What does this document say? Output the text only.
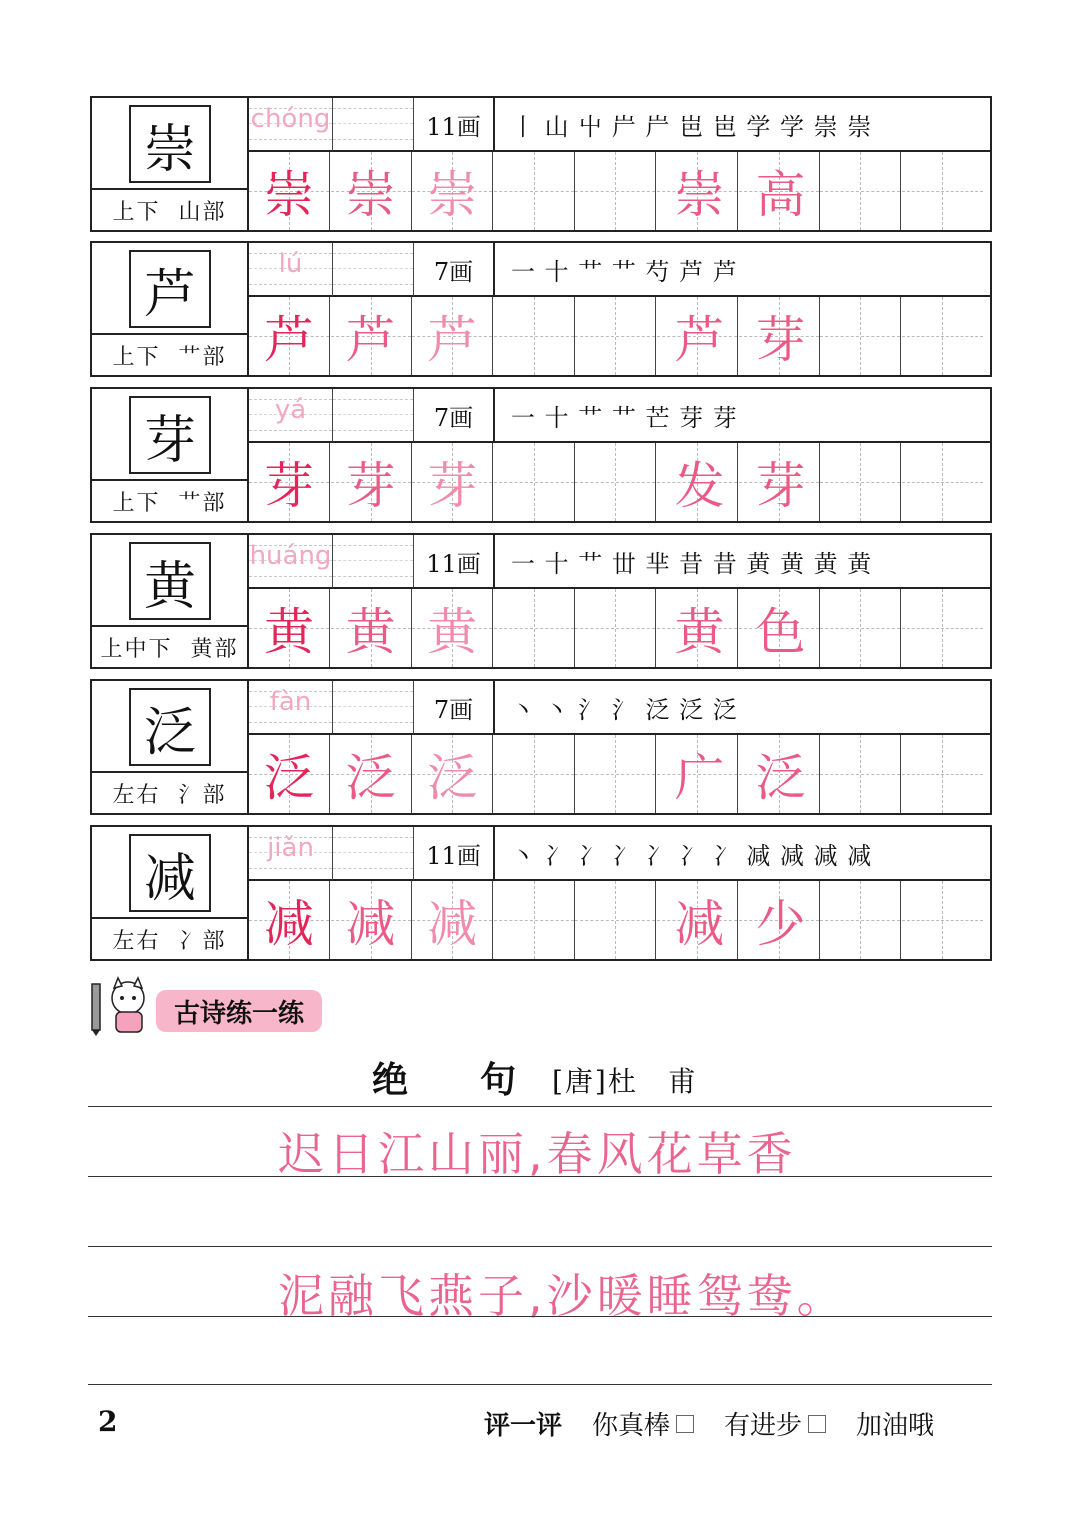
崇
上下
山部
chóng	11画	丨 山 屮 屵 屵 岜 岜 学 学 崇 崇
崇 崇 崇	崇 高
芦
上下
艹部
lú	7画	一 十 艹 艹 芍 芦 芦
芦 芦 芦	芦 芽
芽
上下
艹部
yá	7画	一 十 艹 艹 芒 芽 芽
芽 芽 芽	发 芽
黄
上中下
黄部
huáng	11画	一 十 艹 丗 芈 昔 昔 黄 黄 黄 黄
黄 黄 黄	黄 色
泛
左右
氵部
fàn	7画	丶 丶 氵 氵 泛 泛 泛
泛 泛 泛	广 泛
减
左右
冫部
jiǎn	11画	丶 冫 冫 冫 冫 冫 冫 减 减 减 减
减 减 减	减 少
古诗练一练
绝句
[唐]杜　甫
迟日江山丽,春风花草香
泥融飞燕子,沙暖睡鸳鸯。
2	评一评 你真棒 有进步 加油哦
